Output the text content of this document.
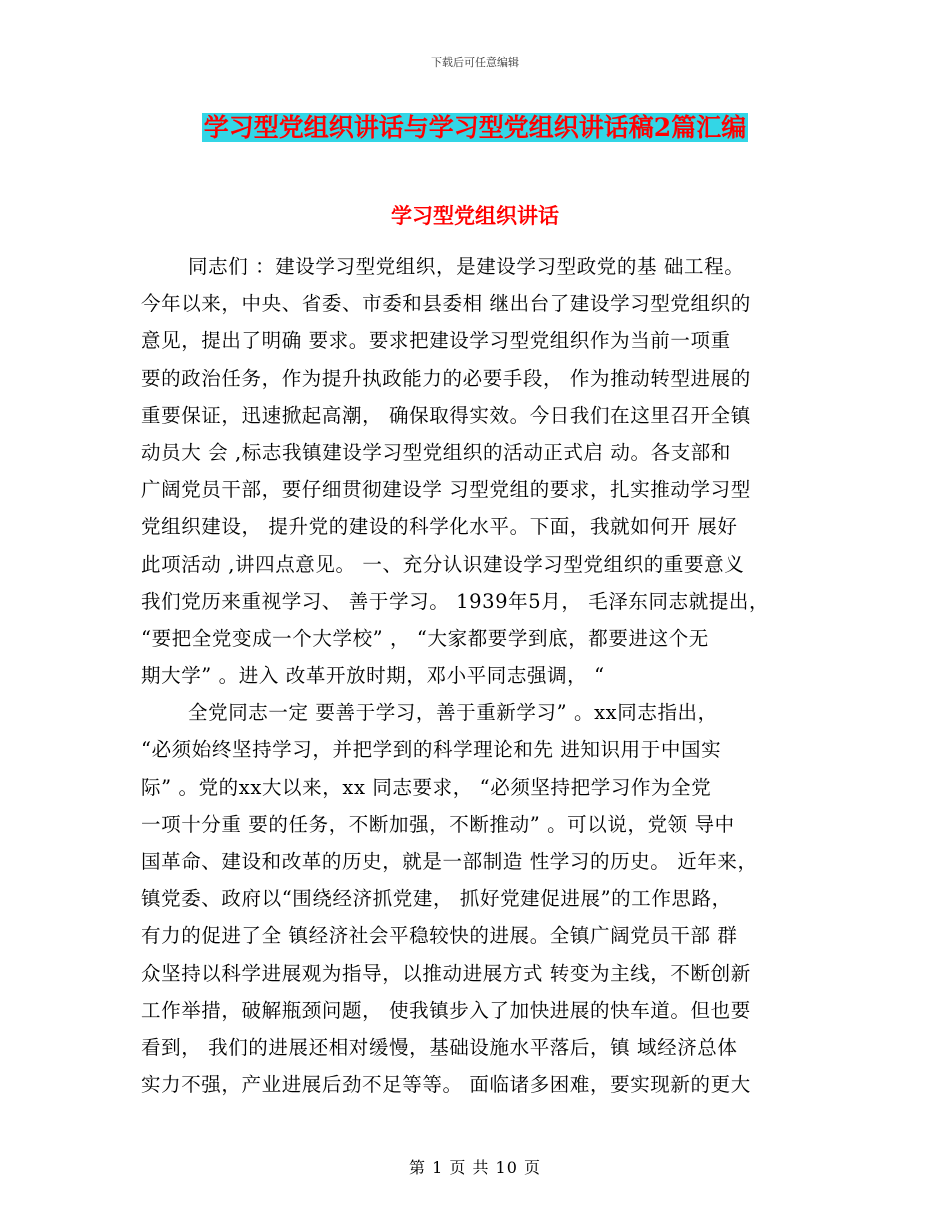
下载后可任意编辑
学习型党组织讲话与学习型党组织讲话稿2篇汇编
学习型党组织讲话
同志们 ：建设学习型党组织，是建设学习型政党的基 础工程。
今年以来，中央、省委、市委和县委相 继出台了建设学习型党组织的
意见，提出了明确 要求。要求把建设学习型党组织作为当前一项重
要的政治任务，作为提升执政能力的必要手段， 作为推动转型进展的
重要保证，迅速掀起高潮， 确保取得实效。今日我们在这里召开全镇
动员大 会 ,标志我镇建设学习型党组织的活动正式启 动。各支部和
广阔党员干部，要仔细贯彻建设学 习型党组的要求，扎实推动学习型
党组织建设， 提升党的建设的科学化水平。下面，我就如何开 展好
此项活动 ,讲四点意见。 一、充分认识建设学习型党组织的重要意义
我们党历来重视学习、 善于学习。 1939年5月， 毛泽东同志就提出，
“要把全党变成一个大学校” ， “大家都要学到底，都要进这个无
期大学” 。进入 改革开放时期，邓小平同志强调， “
全党同志一定 要善于学习，善于重新学习” 。xx同志指出，
“必须始终坚持学习，并把学到的科学理论和先 进知识用于中国实
际” 。党的xx大以来，xx 同志要求， “必须坚持把学习作为全党
一项十分重 要的任务，不断加强，不断推动” 。可以说，党领 导中
国革命、建设和改革的历史，就是一部制造 性学习的历史。 近年来，
镇党委、政府以“围绕经济抓党建， 抓好党建促进展”的工作思路，
有力的促进了全 镇经济社会平稳较快的进展。全镇广阔党员干部 群
众坚持以科学进展观为指导，以推动进展方式 转变为主线，不断创新
工作举措，破解瓶颈问题， 使我镇步入了加快进展的快车道。但也要
看到， 我们的进展还相对缓慢，基础设施水平落后，镇 域经济总体
实力不强，产业进展后劲不足等等。 面临诸多困难，要实现新的更大
第 1 页 共 10 页
